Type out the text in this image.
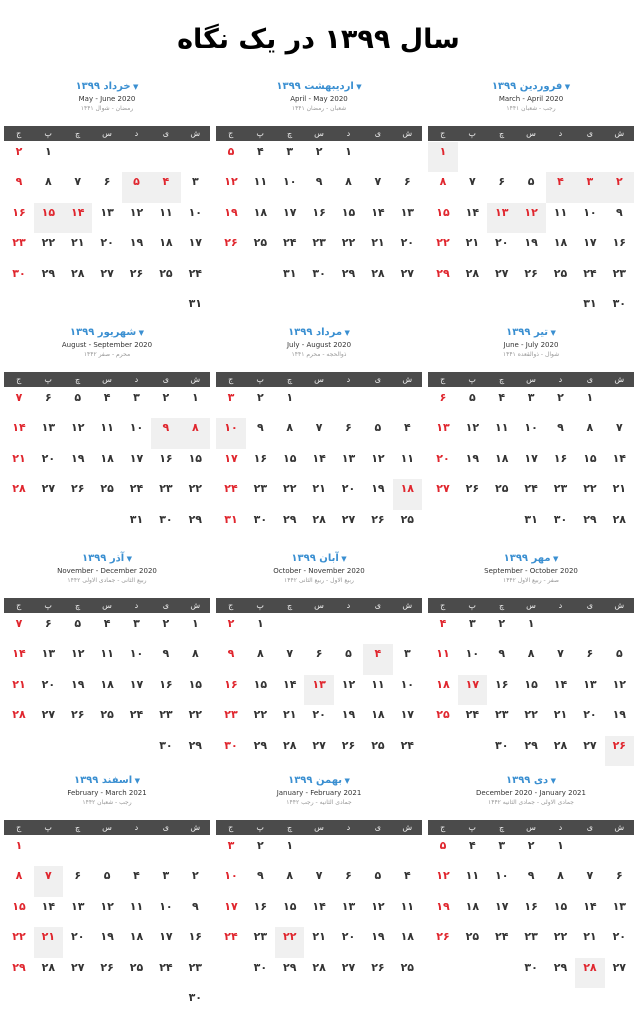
سال ۱۳۹۹ در یک نگاه
▼ فروردین ۱۳۹۹
March - April 2020
رجب - شعبان ۱۴۴۱
ش
ی
د
س
چ
پ
ج
۱
۲
۳
۴
۵
۶
۷
۸
۹
۱۰
۱۱
۱۲
۱۳
۱۴
۱۵
۱۶
۱۷
۱۸
۱۹
۲۰
۲۱
۲۲
۲۳
۲۴
۲۵
۲۶
۲۷
۲۸
۲۹
۳۰
۳۱
▼ اردیبهشت ۱۳۹۹
April - May 2020
شعبان - رمضان ۱۴۴۱
ش
ی
د
س
چ
پ
ج
۱
۲
۳
۴
۵
۶
۷
۸
۹
۱۰
۱۱
۱۲
۱۳
۱۴
۱۵
۱۶
۱۷
۱۸
۱۹
۲۰
۲۱
۲۲
۲۳
۲۴
۲۵
۲۶
۲۷
۲۸
۲۹
۳۰
۳۱
▼ خرداد ۱۳۹۹
May - June 2020
رمضان - شوال ۱۴۴۱
ش
ی
د
س
چ
پ
ج
۱
۲
۳
۴
۵
۶
۷
۸
۹
۱۰
۱۱
۱۲
۱۳
۱۴
۱۵
۱۶
۱۷
۱۸
۱۹
۲۰
۲۱
۲۲
۲۳
۲۴
۲۵
۲۶
۲۷
۲۸
۲۹
۳۰
۳۱
▼ تیر ۱۳۹۹
June - July 2020
شوال - ذوالقعده ۱۴۴۱
ش
ی
د
س
چ
پ
ج
۱
۲
۳
۴
۵
۶
۷
۸
۹
۱۰
۱۱
۱۲
۱۳
۱۴
۱۵
۱۶
۱۷
۱۸
۱۹
۲۰
۲۱
۲۲
۲۳
۲۴
۲۵
۲۶
۲۷
۲۸
۲۹
۳۰
۳۱
▼ مرداد ۱۳۹۹
July - August 2020
ذوالحجه - محرم ۱۴۴۱
ش
ی
د
س
چ
پ
ج
۱
۲
۳
۴
۵
۶
۷
۸
۹
۱۰
۱۱
۱۲
۱۳
۱۴
۱۵
۱۶
۱۷
۱۸
۱۹
۲۰
۲۱
۲۲
۲۳
۲۴
۲۵
۲۶
۲۷
۲۸
۲۹
۳۰
۳۱
▼ شهریور ۱۳۹۹
August - September 2020
محرم - صفر ۱۴۴۲
ش
ی
د
س
چ
پ
ج
۱
۲
۳
۴
۵
۶
۷
۸
۹
۱۰
۱۱
۱۲
۱۳
۱۴
۱۵
۱۶
۱۷
۱۸
۱۹
۲۰
۲۱
۲۲
۲۳
۲۴
۲۵
۲۶
۲۷
۲۸
۲۹
۳۰
۳۱
▼ مهر ۱۳۹۹
September - October 2020
صفر - ربیع الاول ۱۴۴۲
ش
ی
د
س
چ
پ
ج
۱
۲
۳
۴
۵
۶
۷
۸
۹
۱۰
۱۱
۱۲
۱۳
۱۴
۱۵
۱۶
۱۷
۱۸
۱۹
۲۰
۲۱
۲۲
۲۳
۲۴
۲۵
۲۶
۲۷
۲۸
۲۹
۳۰
▼ آبان ۱۳۹۹
October - November 2020
ربیع الاول - ربیع الثانی ۱۴۴۲
ش
ی
د
س
چ
پ
ج
۱
۲
۳
۴
۵
۶
۷
۸
۹
۱۰
۱۱
۱۲
۱۳
۱۴
۱۵
۱۶
۱۷
۱۸
۱۹
۲۰
۲۱
۲۲
۲۳
۲۴
۲۵
۲۶
۲۷
۲۸
۲۹
۳۰
▼ آذر ۱۳۹۹
November - December 2020
ربیع الثانی - جمادی الاولی ۱۴۴۲
ش
ی
د
س
چ
پ
ج
۱
۲
۳
۴
۵
۶
۷
۸
۹
۱۰
۱۱
۱۲
۱۳
۱۴
۱۵
۱۶
۱۷
۱۸
۱۹
۲۰
۲۱
۲۲
۲۳
۲۴
۲۵
۲۶
۲۷
۲۸
۲۹
۳۰
▼ دی ۱۳۹۹
December 2020 - January 2021
جمادی الاولی - جمادی الثانیه ۱۴۴۲
ش
ی
د
س
چ
پ
ج
۱
۲
۳
۴
۵
۶
۷
۸
۹
۱۰
۱۱
۱۲
۱۳
۱۴
۱۵
۱۶
۱۷
۱۸
۱۹
۲۰
۲۱
۲۲
۲۳
۲۴
۲۵
۲۶
۲۷
۲۸
۲۹
۳۰
▼ بهمن ۱۳۹۹
January - February 2021
جمادی الثانیه - رجب ۱۴۴۲
ش
ی
د
س
چ
پ
ج
۱
۲
۳
۴
۵
۶
۷
۸
۹
۱۰
۱۱
۱۲
۱۳
۱۴
۱۵
۱۶
۱۷
۱۸
۱۹
۲۰
۲۱
۲۲
۲۳
۲۴
۲۵
۲۶
۲۷
۲۸
۲۹
۳۰
▼ اسفند ۱۳۹۹
February - March 2021
رجب - شعبان ۱۴۴۲
ش
ی
د
س
چ
پ
ج
۱
۲
۳
۴
۵
۶
۷
۸
۹
۱۰
۱۱
۱۲
۱۳
۱۴
۱۵
۱۶
۱۷
۱۸
۱۹
۲۰
۲۱
۲۲
۲۳
۲۴
۲۵
۲۶
۲۷
۲۸
۲۹
۳۰
